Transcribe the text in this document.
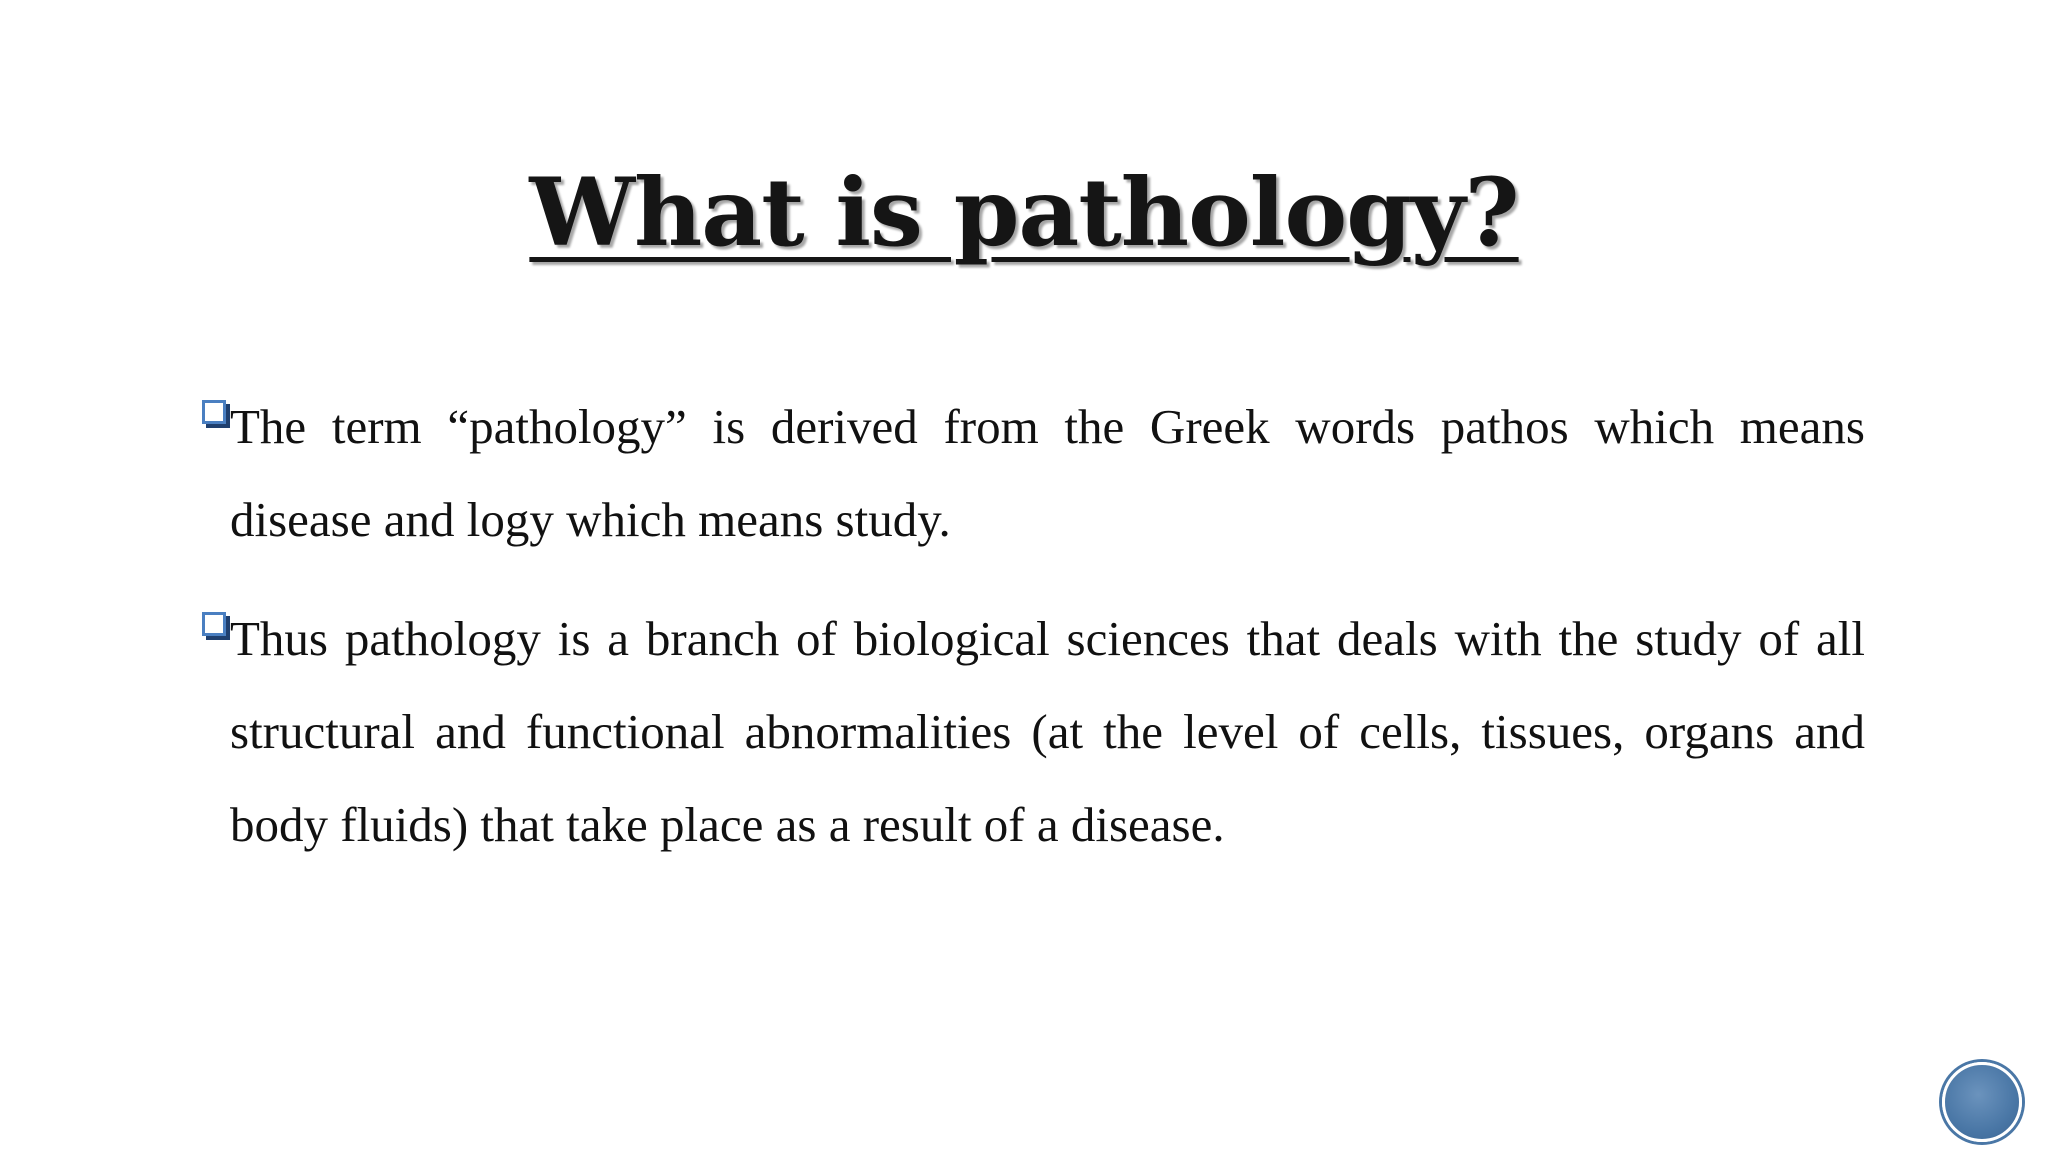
What is pathology?
The term “pathology” is derived from the Greek words pathos which means disease and logy which means study.
Thus pathology is a branch of biological sciences that deals with the study of all structural and functional abnormalities (at the level of cells, tissues, organs and body fluids) that take place as a result of a disease.
